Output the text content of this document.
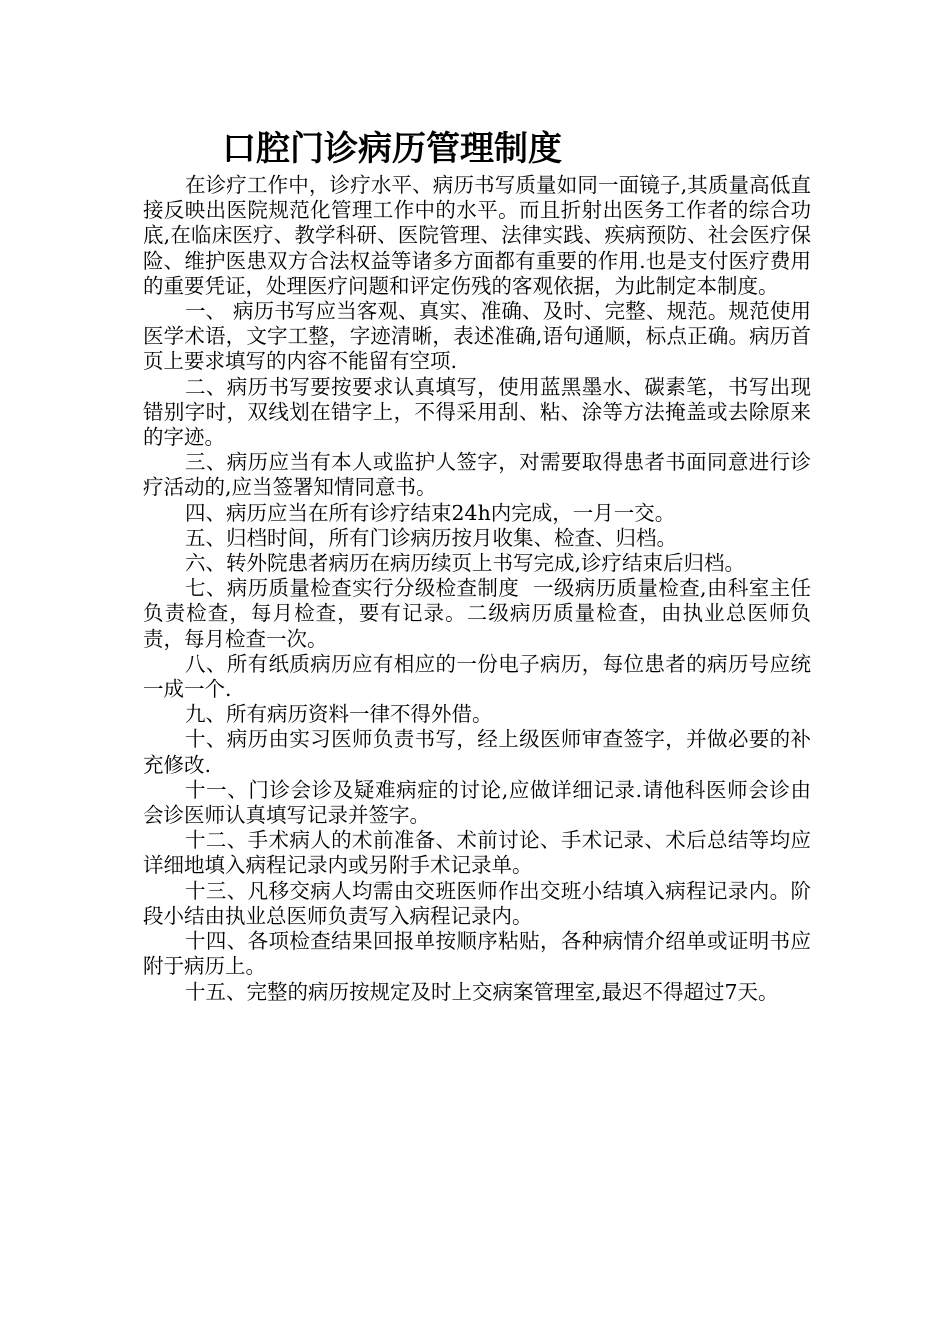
口腔门诊病历管理制度

在诊疗工作中，诊疗水平、病历书写质量如同一面镜子,其质量高低直接反映出医院规范化管理工作中的水平。而且折射出医务工作者的综合功底,在临床医疗、教学科研、医院管理、法律实践、疾病预防、社会医疗保险、维护医患双方合法权益等诸多方面都有重要的作用.也是支付医疗费用的重要凭证，处理医疗问题和评定伤残的客观依据，为此制定本制度。

一、 病历书写应当客观、真实、准确、及时、完整、规范。规范使用医学术语，文字工整，字迹清晰，表述准确,语句通顺，标点正确。病历首页上要求填写的内容不能留有空项.

二、病历书写要按要求认真填写，使用蓝黑墨水、碳素笔，书写出现错别字时，双线划在错字上，不得采用刮、粘、涂等方法掩盖或去除原来的字迹。

三、病历应当有本人或监护人签字，对需要取得患者书面同意进行诊疗活动的,应当签署知情同意书。

四、病历应当在所有诊疗结束24h内完成，一月一交。

五、归档时间，所有门诊病历按月收集、检查、归档。

六、转外院患者病历在病历续页上书写完成,诊疗结束后归档。

七、病历质量检查实行分级检查制度  一级病历质量检查,由科室主任负责检查，每月检查，要有记录。二级病历质量检查，由执业总医师负责，每月检查一次。

八、所有纸质病历应有相应的一份电子病历，每位患者的病历号应统一成一个.

九、所有病历资料一律不得外借。

十、病历由实习医师负责书写，经上级医师审查签字，并做必要的补充修改.

十一、门诊会诊及疑难病症的讨论,应做详细记录.请他科医师会诊由会诊医师认真填写记录并签字。

十二、手术病人的术前准备、术前讨论、手术记录、术后总结等均应详细地填入病程记录内或另附手术记录单。

十三、凡移交病人均需由交班医师作出交班小结填入病程记录内。阶段小结由执业总医师负责写入病程记录内。

十四、各项检查结果回报单按顺序粘贴，各种病情介绍单或证明书应附于病历上。

十五、完整的病历按规定及时上交病案管理室,最迟不得超过7天。
